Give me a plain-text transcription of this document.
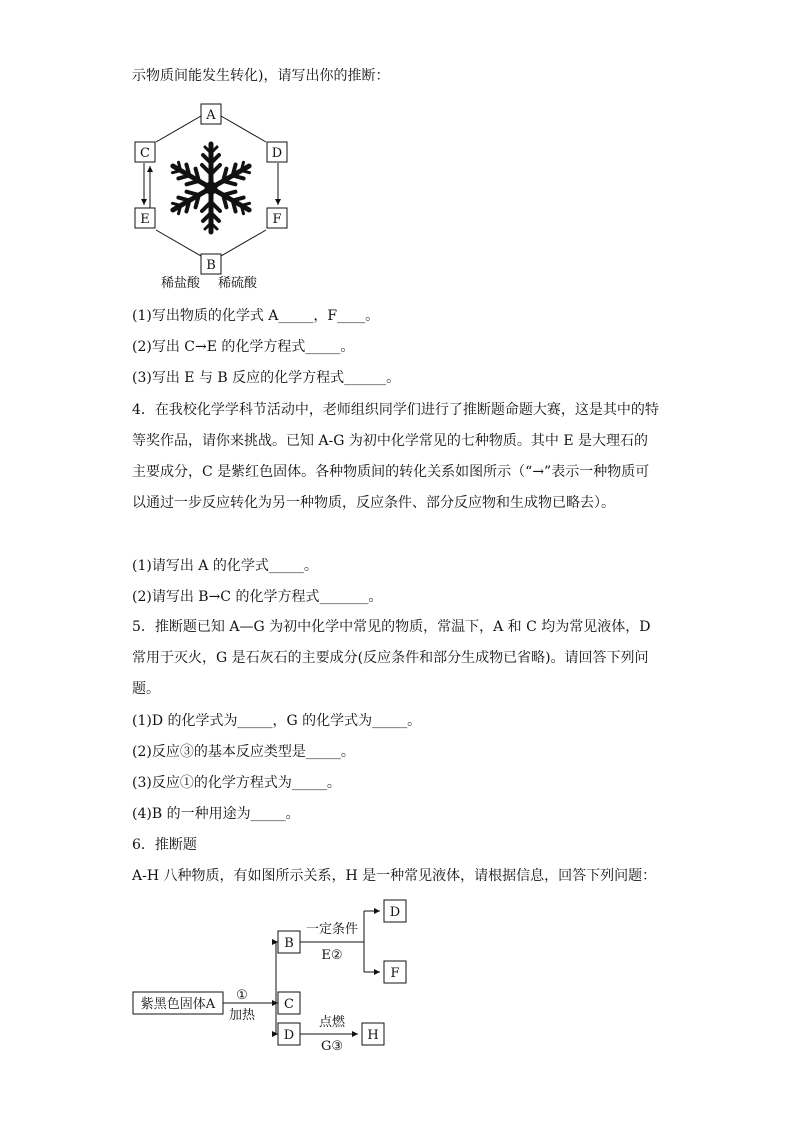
示物质间能发生转化)，请写出你的推断：
A
B
C	D
E	F
稀盐酸 稀硫酸
(1)写出物质的化学式 A_____，F____。
(2)写出 C→E 的化学方程式_____。
(3)写出 E 与 B 反应的化学方程式______。
4．在我校化学学科节活动中，老师组织同学们进行了推断题命题大赛，这是其中的特等奖作品，请你来挑战。已知 A-G 为初中化学常见的七种物质。其中 E 是大理石的主要成分，C 是紫红色固体。各种物质间的转化关系如图所示（“→”表示一种物质可以通过一步反应转化为另一种物质，反应条件、部分反应物和生成物已略去）。
(1)请写出 A 的化学式_____。
(2)请写出 B→C 的化学方程式_______。
5．推断题已知 A—G 为初中化学中常见的物质，常温下，A 和 C 均为常见液体，D 常用于灭火，G 是石灰石的主要成分(反应条件和部分生成物已省略)。请回答下列问题。
(1)D 的化学式为_____，G 的化学式为_____。
(2)反应③的基本反应类型是_____。
(3)反应①的化学方程式为_____。
(4)B 的一种用途为_____。
6．推断题
A-H 八种物质，有如图所示关系，H 是一种常见液体，请根据信息，回答下列问题：
紫黑色固体A
①
加热
B
C
D
D
F
H
一定条件
E②
点燃
G③
